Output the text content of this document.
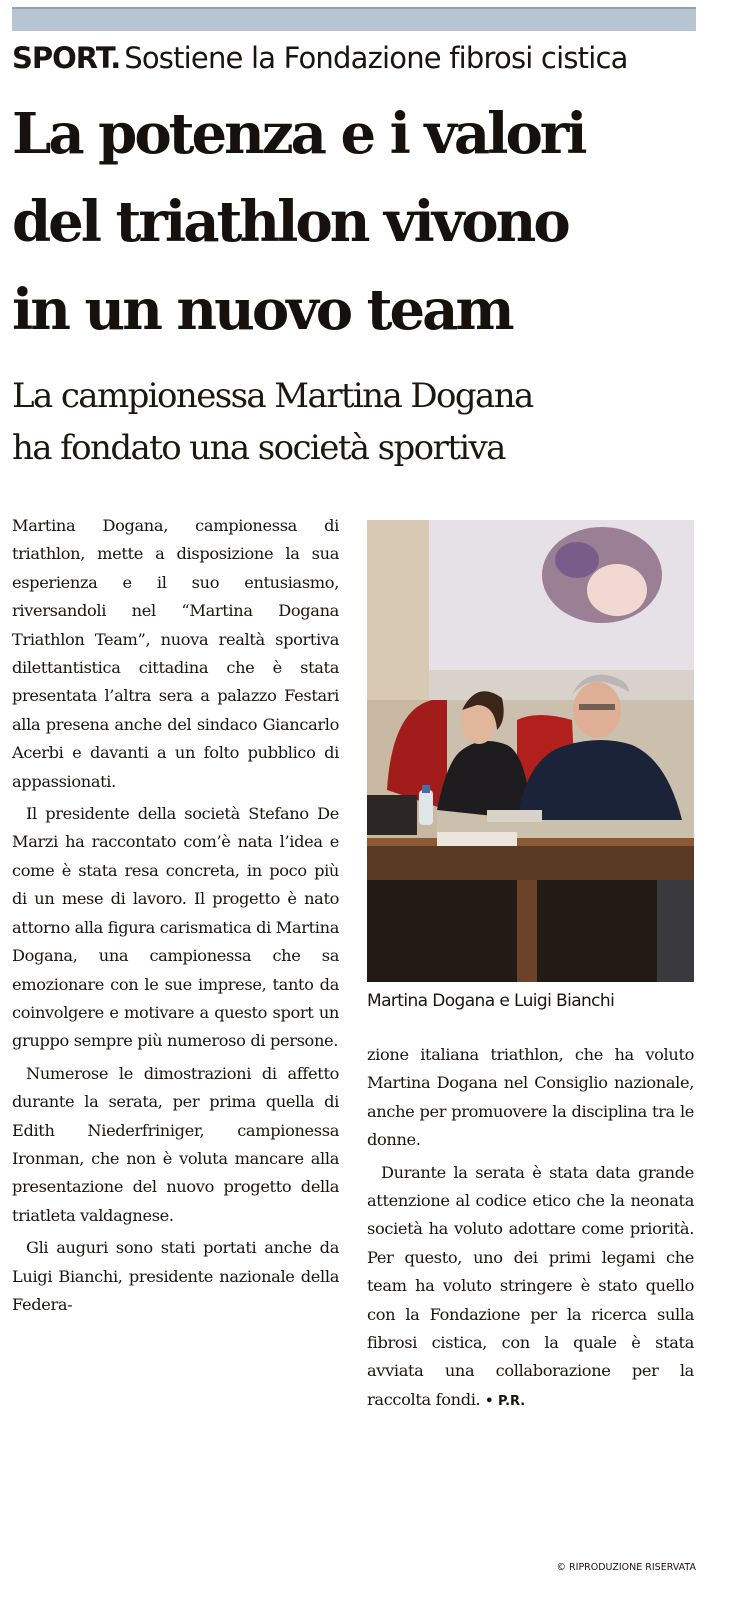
SPORT. Sostiene la Fondazione fibrosi cistica
La potenza e i valori
del triathlon vivono
in un nuovo team
La campionessa Martina Dogana
ha fondato una società sportiva

Martina Dogana, campionessa di triathlon, mette a disposizione la sua esperienza e il suo entusiasmo, riversandoli nel “Martina Dogana Triathlon Team”, nuova realtà sportiva dilettantistica cittadina che è stata presentata l’altra sera a palazzo Festari alla presena anche del sindaco Giancarlo Acerbi e davanti a un folto pubblico di appassionati.

Il presidente della società Stefano De Marzi ha raccontato com’è nata l’idea e come è stata resa concreta, in poco più di un mese di lavoro. Il progetto è nato attorno alla figura carismatica di Martina Dogana, una campionessa che sa emozionare con le sue imprese, tanto da coinvolgere e motivare a questo sport un gruppo sempre più numeroso di persone.

Numerose le dimostrazioni di affetto durante la serata, per prima quella di Edith Niederfriniger, campionessa Ironman, che non è voluta mancare alla presentazione del nuovo progetto della triatleta valdagnese.

Gli auguri sono stati portati anche da Luigi Bianchi, presidente nazionale della Federa-

Martina Dogana e Luigi Bianchi

zione italiana triathlon, che ha voluto Martina Dogana nel Consiglio nazionale, anche per promuovere la disciplina tra le donne.

Durante la serata è stata data grande attenzione al codice etico che la neonata società ha voluto adottare come priorità. Per questo, uno dei primi legami che team ha voluto stringere è stato quello con la Fondazione per la ricerca sulla fibrosi cistica, con la quale è stata avviata una collaborazione per la raccolta fondi. • P.R.

© RIPRODUZIONE RISERVATA
